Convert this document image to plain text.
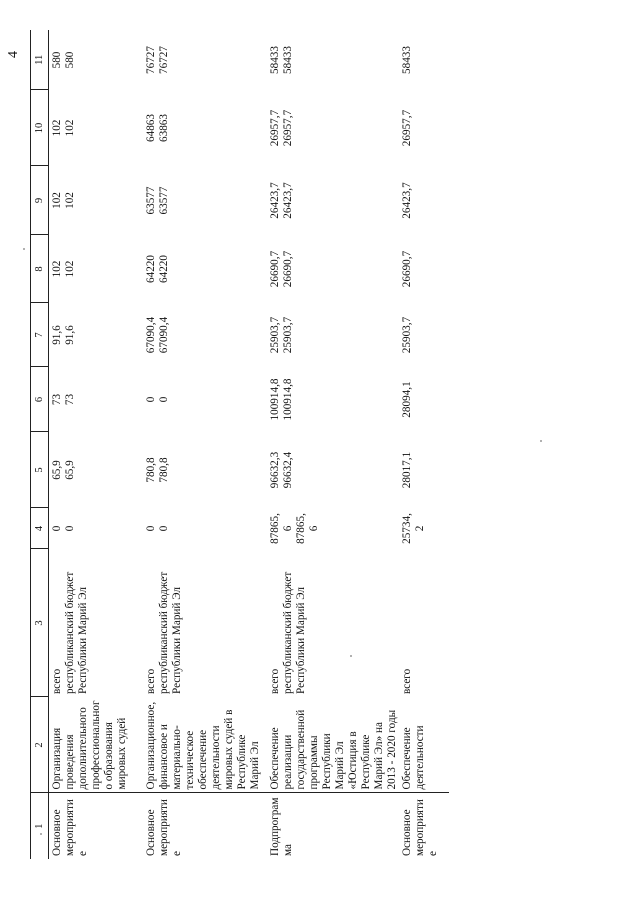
4
1	2	3	4	5	6	7	8	9	10	11
Основное мероприятие	Организация проведения дополнительного профессионального образования мировых судей	всего республиканский бюджет Республики Марий Эл	0 0	65,9 65,9	73 73	91,6 91,6	102 102	102 102	102 102	580 580

Основное мероприятие	Организационное, финансовое и материально-техническое обеспечение деятельности мировых судей в Республике Марий Эл	всего республиканский бюджет Республики Марий Эл	0 0	780,8 780,8	0 0	67090,4 67090,4	64220 64220	63577 63577	64863 63863	76727 76727

Подпрограмма	Обеспечение реализации государственной программы Республики Марий Эл «Юстиция в Республике Марий Эл» на 2013 - 2020 годы	всего республиканский бюджет Республики Марий Эл	87865,6 87865,6	96632,3 96632,4	100914,8 100914,8	25903,7 25903,7	26690,7 26690,7	26423,7 26423,7	26957,7 26957,7	58433 58433

Основное мероприятие	Обеспечение деятельности	всего	25734,2	28017,1	28094,1	25903,7	26690,7	26423,7	26957,7	58433
